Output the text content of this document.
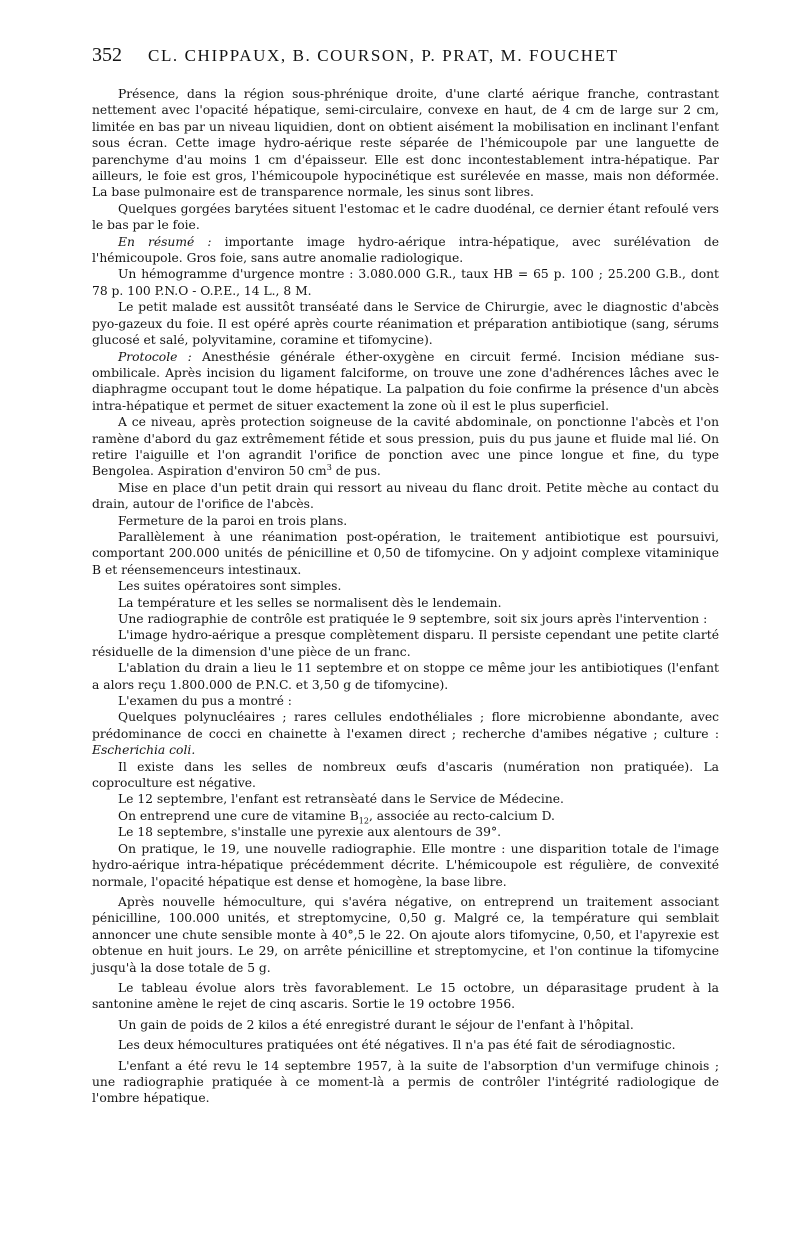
352 CL. CHIPPAUX, B. COURSON, P. PRAT, M. FOUCHET

Présence, dans la région sous-phrénique droite, d'une clarté aérique franche, contrastant nettement avec l'opacité hépatique, semi-circulaire, convexe en haut, de 4 cm de large sur 2 cm, limitée en bas par un niveau liquidien, dont on obtient aisément la mobilisation en inclinant l'enfant sous écran. Cette image hydro-aérique reste séparée de l'hémicoupole par une languette de parenchyme d'au moins 1 cm d'épaisseur. Elle est donc incontestablement intra-hépatique. Par ailleurs, le foie est gros, l'hémicoupole hypocinétique est surélevée en masse, mais non déformée. La base pulmonaire est de transparence normale, les sinus sont libres.

Quelques gorgées barytées situent l'estomac et le cadre duodénal, ce dernier étant refoulé vers le bas par le foie.

En résumé : importante image hydro-aérique intra-hépatique, avec surélévation de l'hémicoupole. Gros foie, sans autre anomalie radiologique.

Un hémogramme d'urgence montre : 3.080.000 G.R., taux HB = 65 p. 100 ; 25.200 G.B., dont 78 p. 100 P.N.O - O.P.E., 14 L., 8 M.

Le petit malade est aussitôt transéaté dans le Service de Chirurgie, avec le diagnostic d'abcès pyo-gazeux du foie. Il est opéré après courte réanimation et préparation antibiotique (sang, sérums glucosé et salé, polyvitamine, coramine et tifomycine).

Protocole : Anesthésie générale éther-oxygène en circuit fermé. Incision médiane sus-ombilicale. Après incision du ligament falciforme, on trouve une zone d'adhérences lâches avec le diaphragme occupant tout le dome hépatique. La palpation du foie confirme la présence d'un abcès intra-hépatique et permet de situer exactement la zone où il est le plus superficiel.

A ce niveau, après protection soigneuse de la cavité abdominale, on ponctionne l'abcès et l'on ramène d'abord du gaz extrêmement fétide et sous pression, puis du pus jaune et fluide mal lié. On retire l'aiguille et l'on agrandit l'orifice de ponction avec une pince longue et fine, du type Bengolea. Aspiration d'environ 50 $cm^3$ de pus.

Mise en place d'un petit drain qui ressort au niveau du flanc droit. Petite mèche au contact du drain, autour de l'orifice de l'abcès.

Fermeture de la paroi en trois plans.

Parallèlement à une réanimation post-opération, le traitement antibiotique est poursuivi, comportant 200.000 unités de pénicilline et 0,50 de tifomycine. On y adjoint complexe vitaminique B et réensemenceurs intestinaux.

Les suites opératoires sont simples.

La température et les selles se normalisent dès le lendemain.

Une radiographie de contrôle est pratiquée le 9 septembre, soit six jours après l'intervention :

L'image hydro-aérique a presque complètement disparu. Il persiste cependant une petite clarté résiduelle de la dimension d'une pièce de un franc.

L'ablation du drain a lieu le 11 septembre et on stoppe ce même jour les antibiotiques (l'enfant a alors reçu 1.800.000 de P.N.C. et 3,50 g de tifomycine).

L'examen du pus a montré :

Quelques polynucléaires ; rares cellules endothéliales ; flore microbienne abondante, avec prédominance de cocci en chainette à l'examen direct ; recherche d'amibes négative ; culture : Escherichia coli.

Il existe dans les selles de nombreux œufs d'ascaris (numération non pratiquée). La coproculture est négative.

Le 12 septembre, l'enfant est retransèaté dans le Service de Médecine.

On entreprend une cure de vitamine $B_{12}$, associée au recto-calcium D.

Le 18 septembre, s'installe une pyrexie aux alentours de 39°.

On pratique, le 19, une nouvelle radiographie. Elle montre : une disparition totale de l'image hydro-aérique intra-hépatique précédemment décrite. L'hémicoupole est régulière, de convexité normale, l'opacité hépatique est dense et homogène, la base libre.

Après nouvelle hémoculture, qui s'avéra négative, on entreprend un traitement associant pénicilline, 100.000 unités, et streptomycine, 0,50 g. Malgré ce, la température qui semblait annoncer une chute sensible monte à 40°,5 le 22. On ajoute alors tifomycine, 0,50, et l'apyrexie est obtenue en huit jours. Le 29, on arrête pénicilline et streptomycine, et l'on continue la tifomycine jusqu'à la dose totale de 5 g.

Le tableau évolue alors très favorablement. Le 15 octobre, un déparasitage prudent à la santonine amène le rejet de cinq ascaris. Sortie le 19 octobre 1956.

Un gain de poids de 2 kilos a été enregistré durant le séjour de l'enfant à l'hôpital.

Les deux hémocultures pratiquées ont été négatives. Il n'a pas été fait de sérodiagnostic.

L'enfant a été revu le 14 septembre 1957, à la suite de l'absorption d'un vermifuge chinois ; une radiographie pratiquée à ce moment-là a permis de contrôler l'intégrité radiologique de l'ombre hépatique.
